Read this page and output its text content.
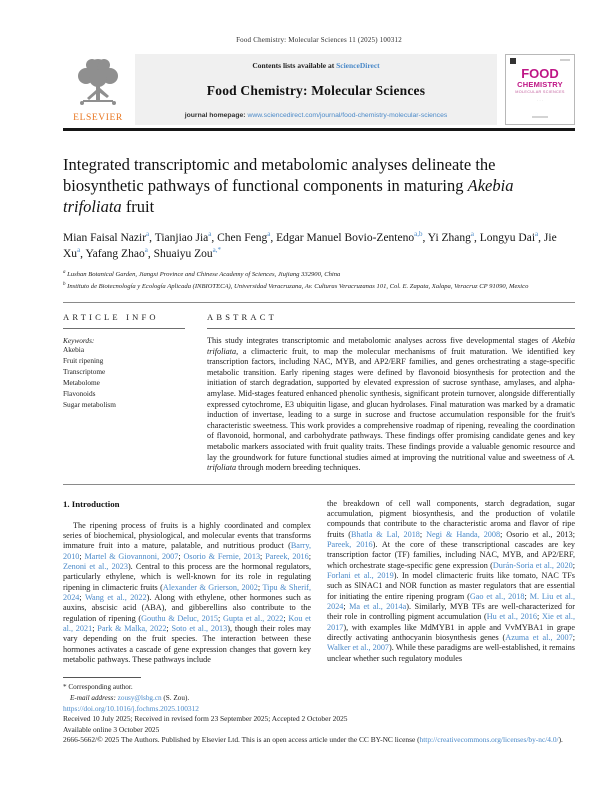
Food Chemistry: Molecular Sciences 11 (2025) 100312
ELSEVIER
Contents lists available at ScienceDirect
Food Chemistry: Molecular Sciences
journal homepage: www.sciencedirect.com/journal/food-chemistry-molecular-sciences
FOOD
CHEMISTRY
MOLECULAR SCIENCES
· · ·
Integrated transcriptomic and metabolomic analyses delineate the biosynthetic pathways of functional components in maturing Akebia trifoliata fruit
Mian Faisal Nazir$^a$, Tianjiao Jia$^a$, Chen Feng$^a$, Edgar Manuel Bovio-Zenteno$^{a,b}$, Yi Zhang$^a$, Longyu Dai$^a$, Jie Xu$^a$, Yafang Zhao$^a$, Shuaiyu Zou$^{a,*}$
$^a$ Lushan Botanical Garden, Jiangxi Province and Chinese Academy of Sciences, Jiujiang 332900, China
$^b$ Instituto de Biotecnología y Ecología Aplicada (INBIOTECA), Universidad Veracruzana, Av. Culturas Veracruzanas 101, Col. E. Zapata, Xalapa, Veracruz CP 91090, Mexico
ARTICLE INFO
Keywords:
Akebia
Fruit ripening
Transcriptome
Metabolome
Flavonoids
Sugar metabolism
ABSTRACT
This study integrates transcriptomic and metabolomic analyses across five developmental stages of Akebia trifoliata, a climacteric fruit, to map the molecular mechanisms of fruit maturation. We identified key transcription factors, including NAC, MYB, and AP2/ERF families, and genes orchestrating a stage-specific metabolic transition. Early ripening stages were defined by flavonoid biosynthesis for protection and the initiation of starch degradation, supported by elevated expression of sucrose synthase, amylases, and alpha-amylase. Mid-stages featured enhanced phenolic synthesis, significant protein turnover, alongside differentially expressed cytochrome, E3 ubiquitin ligase, and glucan hydrolases. Final maturation was marked by a dramatic induction of invertase, leading to a surge in sucrose and fructose accumulation responsible for the fruit's characteristic sweetness. This work provides a comprehensive roadmap of ripening, revealing the coordination of flavonoid, hormonal, and carbohydrate pathways. These findings offer promising candidate genes and key metabolic markers associated with fruit quality traits. These findings provide a valuable genomic resource and lay the groundwork for future functional studies aimed at improving the nutritional value and sweetness of A. trifoliata through modern breeding techniques.
1. Introduction
The ripening process of fruits is a highly coordinated and complex series of biochemical, physiological, and molecular events that transforms immature fruit into a mature, palatable, and nutritious product (Barry, 2010; Martel & Giovannoni, 2007; Osorio & Fernie, 2013; Pareek, 2016; Zenoni et al., 2023). Central to this process are the hormonal regulators, particularly ethylene, which is well-known for its role in regulating ripening in climacteric fruits (Alexander & Grierson, 2002; Tipu & Sherif, 2024; Wang et al., 2022). Along with ethylene, other hormones such as auxins, abscisic acid (ABA), and gibberellins also contribute to the regulation of ripening (Gouthu & Deluc, 2015; Gupta et al., 2022; Kou et al., 2021; Park & Malka, 2022; Soto et al., 2013), though their roles may vary depending on the fruit species. The interaction between these hormones activates a cascade of gene expression changes that govern key metabolic pathways. These pathways include
* Corresponding author.
E-mail address: zousy@lsbg.cn (S. Zou).
the breakdown of cell wall components, starch degradation, sugar accumulation, pigment biosynthesis, and the production of volatile compounds that contribute to the characteristic aroma and flavor of ripe fruits (Bhatla & Lal, 2018; Negi & Handa, 2008; Osorio et al., 2013; Pareek, 2016). At the core of these transcriptional cascades are key transcription factor (TF) families, including NAC, MYB, and AP2/ERF, which orchestrate stage-specific gene expression (Durán-Soria et al., 2020; Forlani et al., 2019). In model climacteric fruits like tomato, NAC TFs such as SlNAC1 and NOR function as master regulators that are essential for initiating the entire ripening program (Gao et al., 2018; M. Liu et al., 2024; Ma et al., 2014a). Similarly, MYB TFs are well-characterized for their role in controlling pigment accumulation (Hu et al., 2016; Xie et al., 2017), with examples like MdMYB1 in apple and VvMYBA1 in grape directly activating anthocyanin biosynthesis genes (Azuma et al., 2007; Walker et al., 2007). While these paradigms are well-established, it remains unclear whether such regulatory modules
https://doi.org/10.1016/j.fochms.2025.100312
Received 10 July 2025; Received in revised form 23 September 2025; Accepted 2 October 2025
Available online 3 October 2025
2666-5662/© 2025 The Authors. Published by Elsevier Ltd. This is an open access article under the CC BY-NC license (http://creativecommons.org/licenses/by-nc/4.0/).
